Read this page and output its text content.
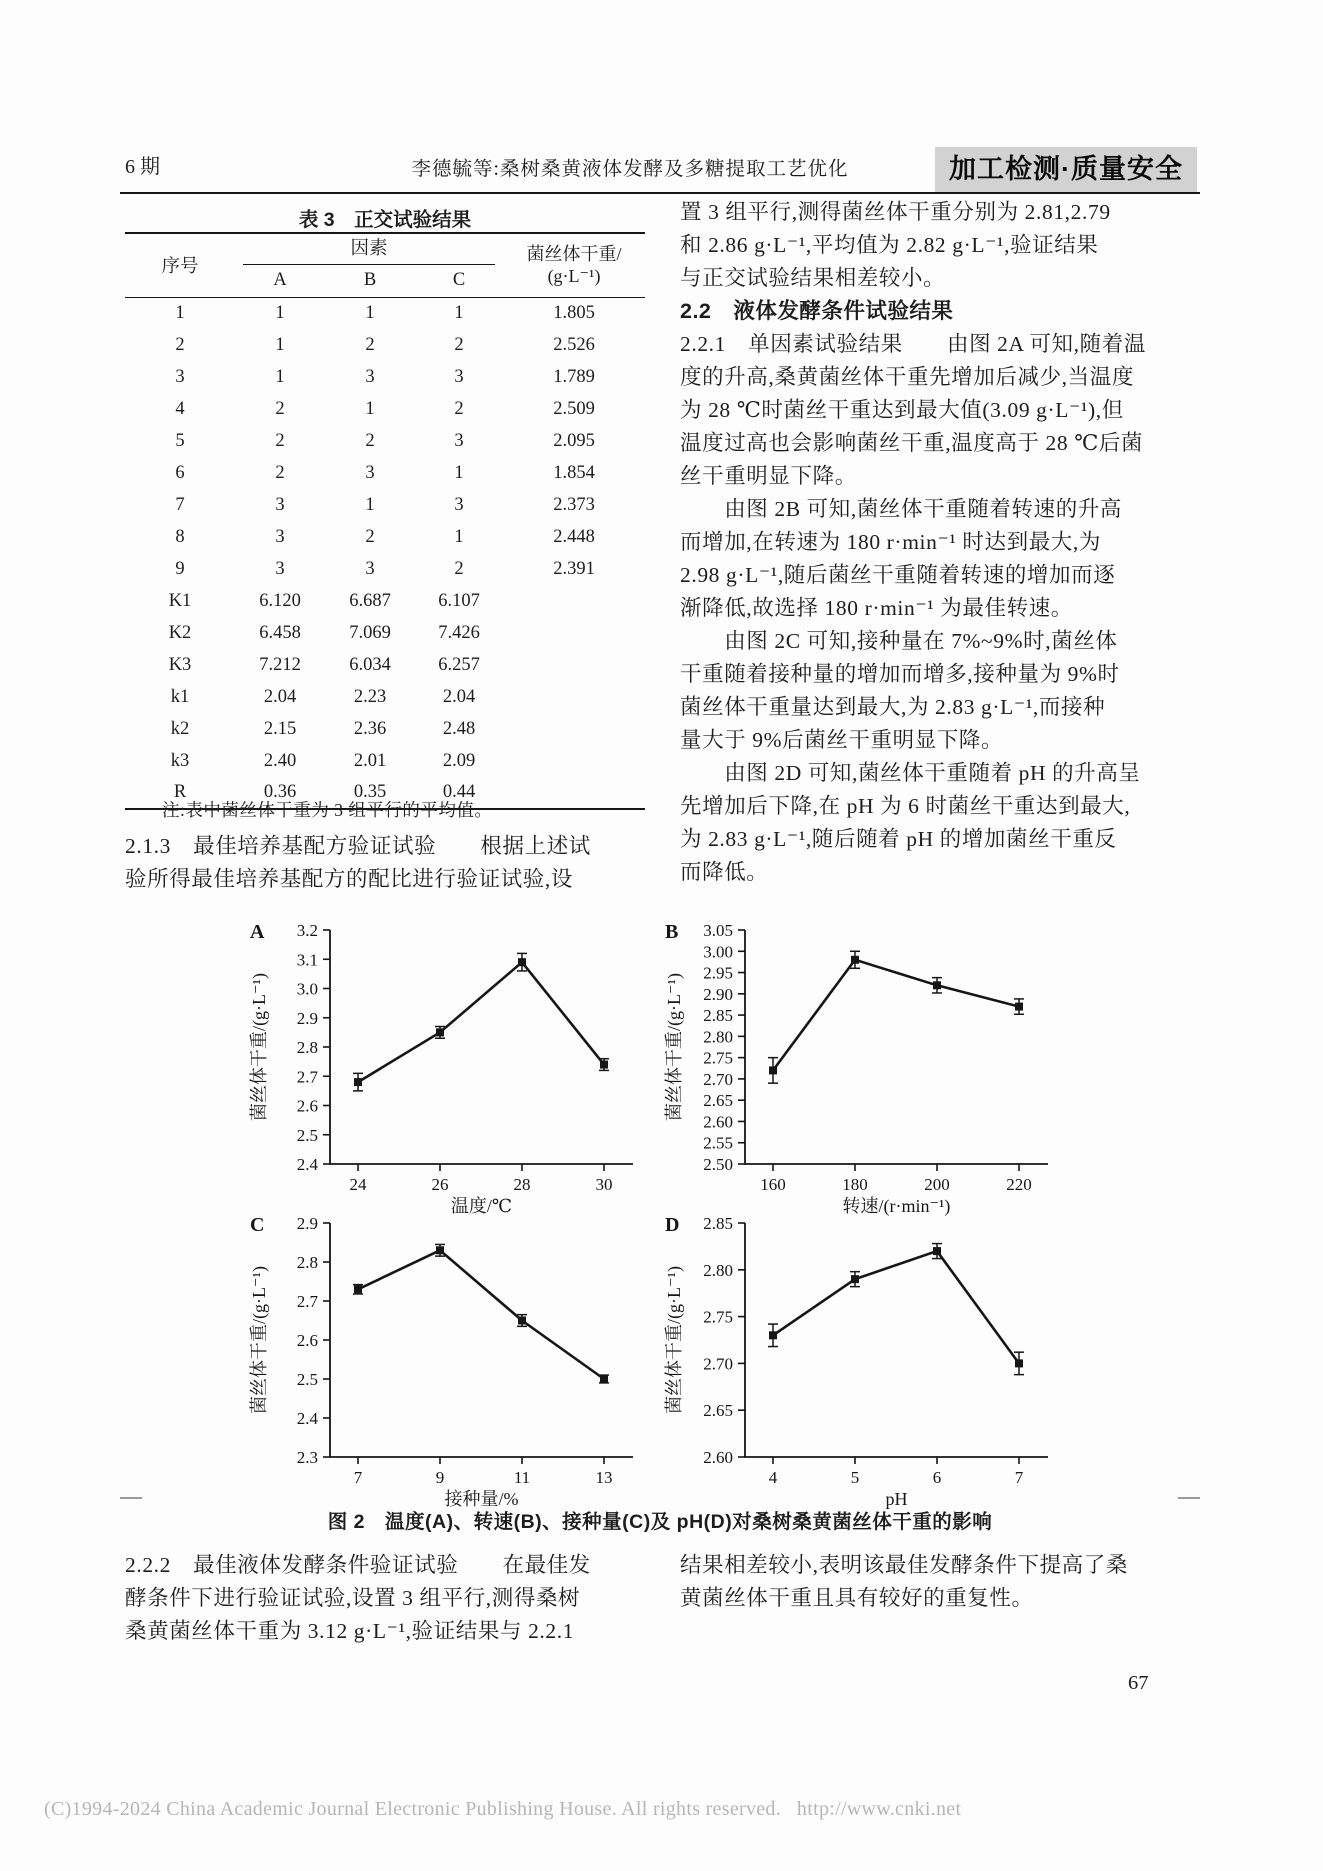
6 期	李德毓等:桑树桑黄液体发酵及多糖提取工艺优化	加工检测·质量安全
表 3　正交试验结果
序号	因素			菌丝体干重/
(g·L⁻¹)

	A	B	C	
1	1	1	1	1.805
2	1	2	2	2.526
3	1	3	3	1.789
4	2	1	2	2.509
5	2	2	3	2.095
6	2	3	1	1.854
7	3	1	3	2.373
8	3	2	1	2.448
9	3	3	2	2.391
K1	6.120	6.687	6.107	
K2	6.458	7.069	7.426	
K3	7.212	6.034	6.257	
k1	2.04	2.23	2.04	
k2	2.15	2.36	2.48	
k3	2.40	2.01	2.09	
R	0.36	0.35	0.44	
注:表中菌丝体干重为 3 组平行的平均值。
2.1.3　最佳培养基配方验证试验　　根据上述试
验所得最佳培养基配方的配比进行验证试验,设
置 3 组平行,测得菌丝体干重分别为 2.81,2.79
和 2.86 g·L⁻¹,平均值为 2.82 g·L⁻¹,验证结果
与正交试验结果相差较小。
2.2　液体发酵条件试验结果
2.2.1　单因素试验结果　　由图 2A 可知,随着温
度的升高,桑黄菌丝体干重先增加后减少,当温度
为 28 ℃时菌丝干重达到最大值(3.09 g·L⁻¹),但
温度过高也会影响菌丝干重,温度高于 28 ℃后菌
丝干重明显下降。
　　由图 2B 可知,菌丝体干重随着转速的升高
而增加,在转速为 180 r·min⁻¹ 时达到最大,为
2.98 g·L⁻¹,随后菌丝干重随着转速的增加而逐
渐降低,故选择 180 r·min⁻¹ 为最佳转速。
　　由图 2C 可知,接种量在 7%~9%时,菌丝体
干重随着接种量的增加而增多,接种量为 9%时
菌丝体干重量达到最大,为 2.83 g·L⁻¹,而接种
量大于 9%后菌丝干重明显下降。
　　由图 2D 可知,菌丝体干重随着 pH 的升高呈
先增加后下降,在 pH 为 6 时菌丝干重达到最大,
为 2.83 g·L⁻¹,随后随着 pH 的增加菌丝干重反
而降低。
2.4
2.5
2.6
2.7
2.8
2.9
3.0
3.1
3.2
24	26	28	30
A
温度/℃
菌丝体干重/(g·L⁻¹)
2.50
2.55
2.60
2.65
2.70
2.75
2.80
2.85
2.90
2.95
3.00
3.05
160	180	200	220
B
转速/(r·min⁻¹)
菌丝体干重/(g·L⁻¹)
2.3
2.4
2.5
2.6
2.7
2.8
2.9
7	9	11	13
C
接种量/%
菌丝体干重/(g·L⁻¹)
2.60
2.65
2.70
2.75
2.80
2.85
4	5	6	7
D
pH
菌丝体干重/(g·L⁻¹)
图 2　温度(A)、转速(B)、接种量(C)及 pH(D)对桑树桑黄菌丝体干重的影响
2.2.2　最佳液体发酵条件验证试验　　在最佳发
酵条件下进行验证试验,设置 3 组平行,测得桑树
桑黄菌丝体干重为 3.12 g·L⁻¹,验证结果与 2.2.1
结果相差较小,表明该最佳发酵条件下提高了桑
黄菌丝体干重且具有较好的重复性。
67
(C)1994-2024 China Academic Journal Electronic Publishing House. All rights reserved.   http://www.cnki.net
